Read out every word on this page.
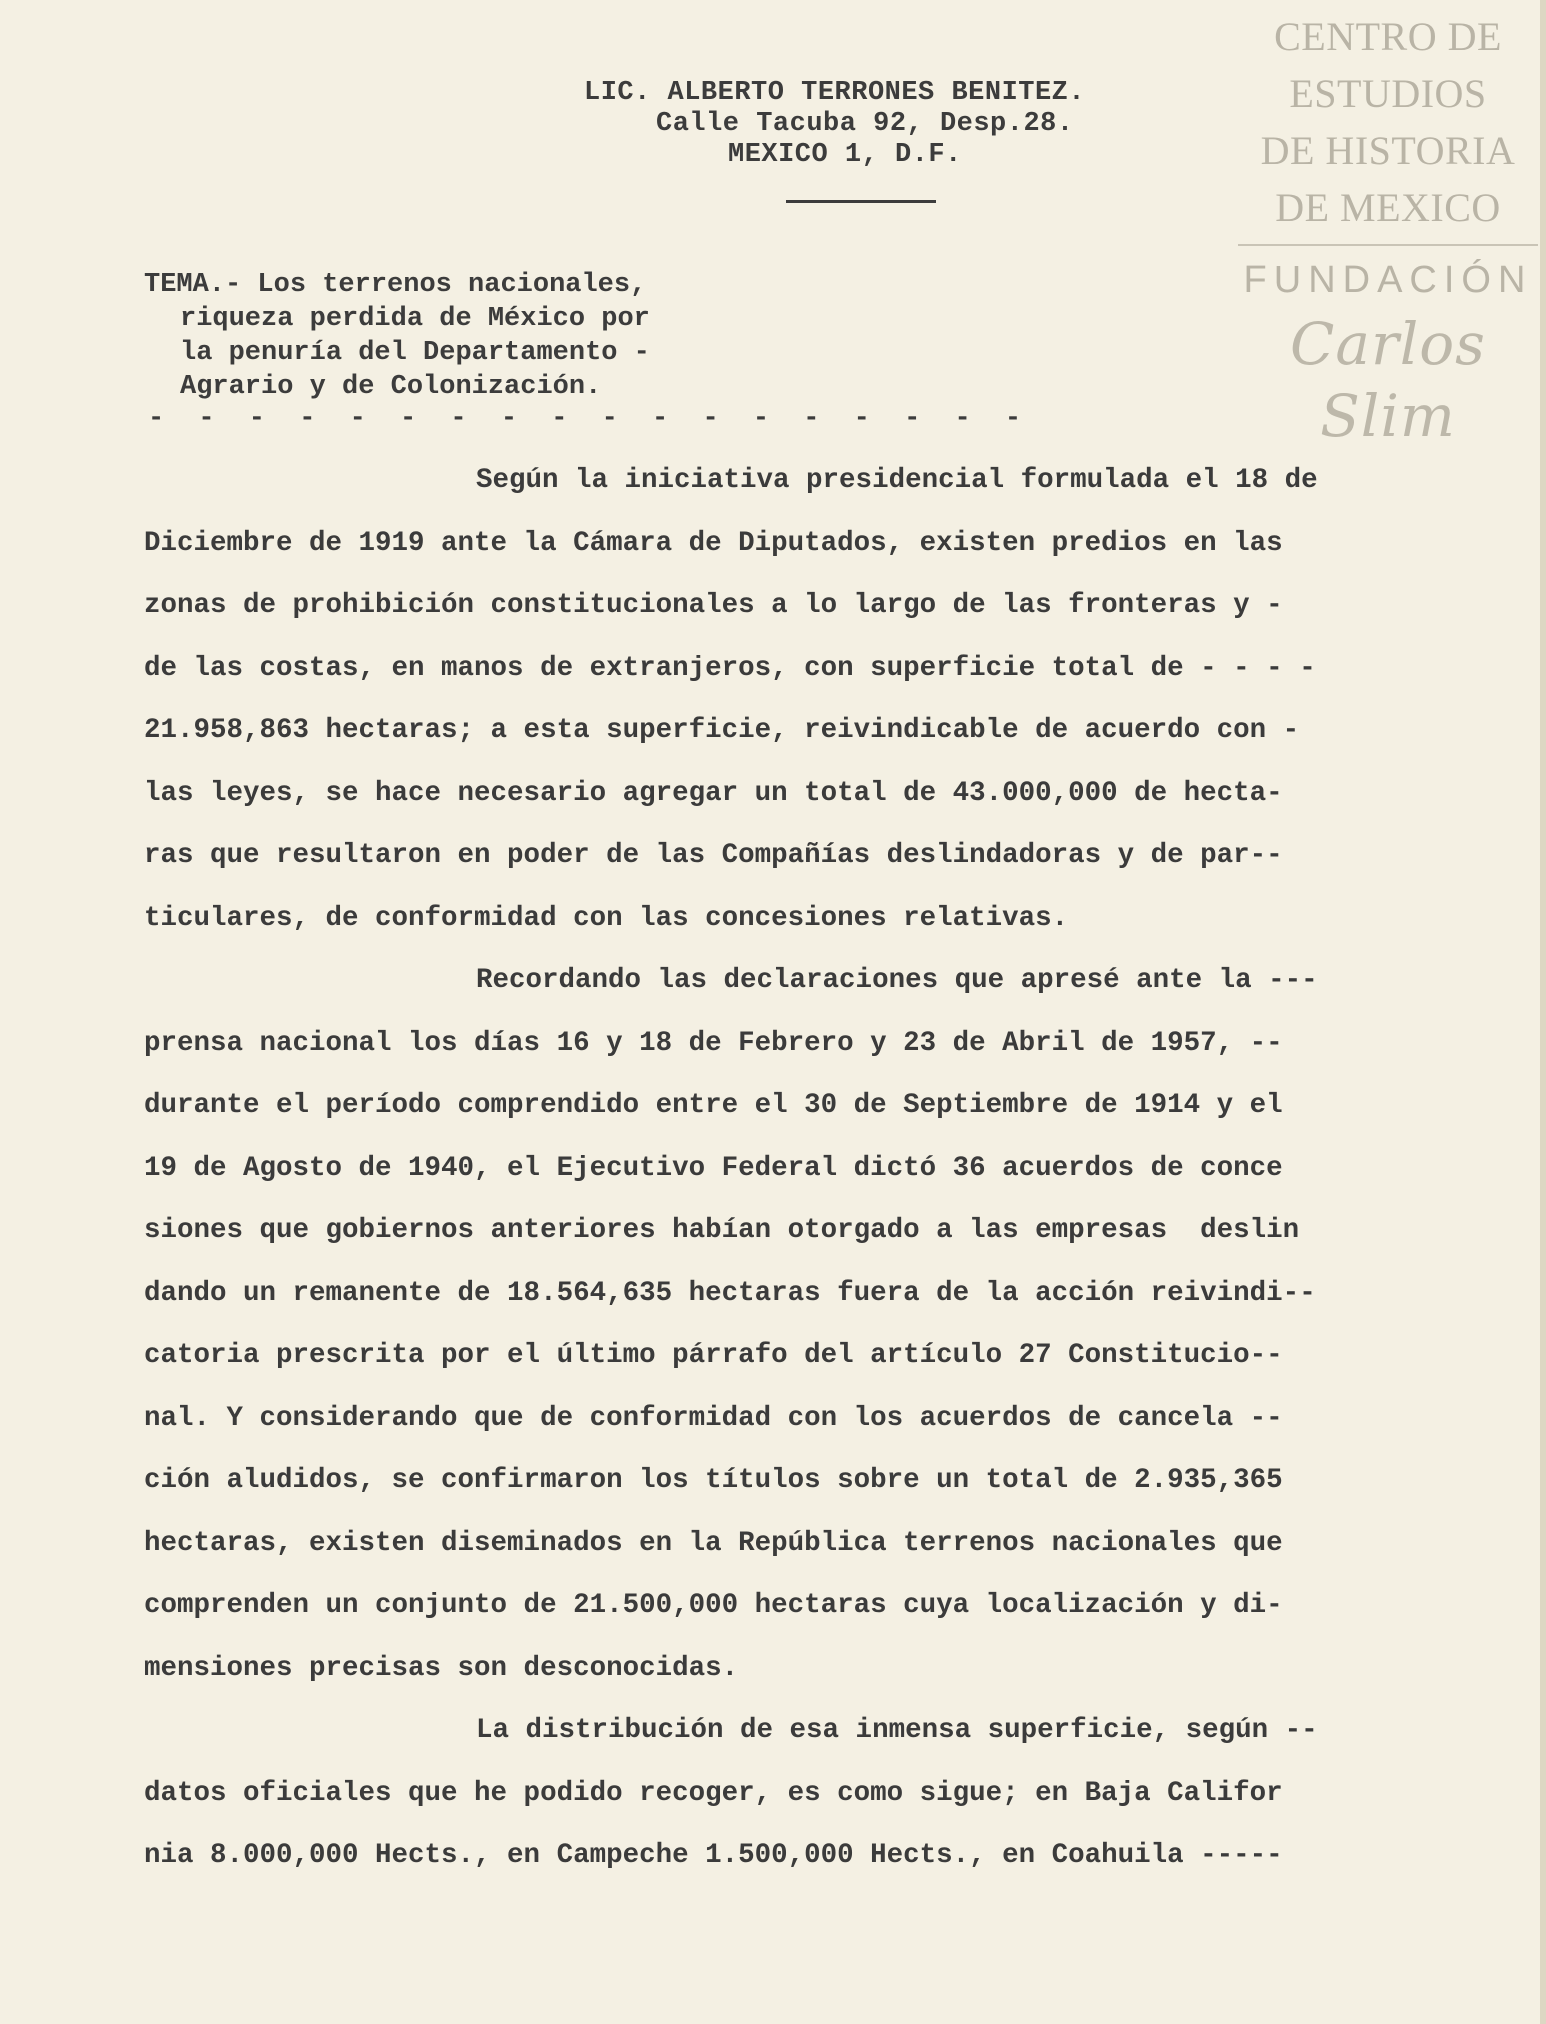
LIC. ALBERTO TERRONES BENITEZ.
Calle Tacuba 92, Desp.28.
MEXICO 1, D.F.
CENTRO DE
ESTUDIOS
DE HISTORIA
DE MEXICO
FUNDACIÓN
Carlos Slim
TEMA.- Los terrenos nacionales,
riqueza perdida de México por
la penuría del Departamento -
Agrario y de Colonización.
- - - - - - - - - - - - - - - - - -

Según la iniciativa presidencial formulada el 18 de
Diciembre de 1919 ante la Cámara de Diputados, existen predios en las
zonas de prohibición constitucionales a lo largo de las fronteras y -
de las costas, en manos de extranjeros, con superficie total de - - - -
21.958,863 hectaras; a esta superficie, reivindicable de acuerdo con -
las leyes, se hace necesario agregar un total de 43.000,000 de hecta-
ras que resultaron en poder de las Compañías deslindadoras y de par--
ticulares, de conformidad con las concesiones relativas.

Recordando las declaraciones que apresé ante la ---
prensa nacional los días 16 y 18 de Febrero y 23 de Abril de 1957, --
durante el período comprendido entre el 30 de Septiembre de 1914 y el
19 de Agosto de 1940, el Ejecutivo Federal dictó 36 acuerdos de conce
siones que gobiernos anteriores habían otorgado a las empresas  deslin
dando un remanente de 18.564,635 hectaras fuera de la acción reivindi--
catoria prescrita por el último párrafo del artículo 27 Constitucio--
nal. Y considerando que de conformidad con los acuerdos de cancela --
ción aludidos, se confirmaron los títulos sobre un total de 2.935,365
hectaras, existen diseminados en la República terrenos nacionales que
comprenden un conjunto de 21.500,000 hectaras cuya localización y di-
mensiones precisas son desconocidas.

La distribución de esa inmensa superficie, según --
datos oficiales que he podido recoger, es como sigue; en Baja Califor
nia 8.000,000 Hects., en Campeche 1.500,000 Hects., en Coahuila -----
